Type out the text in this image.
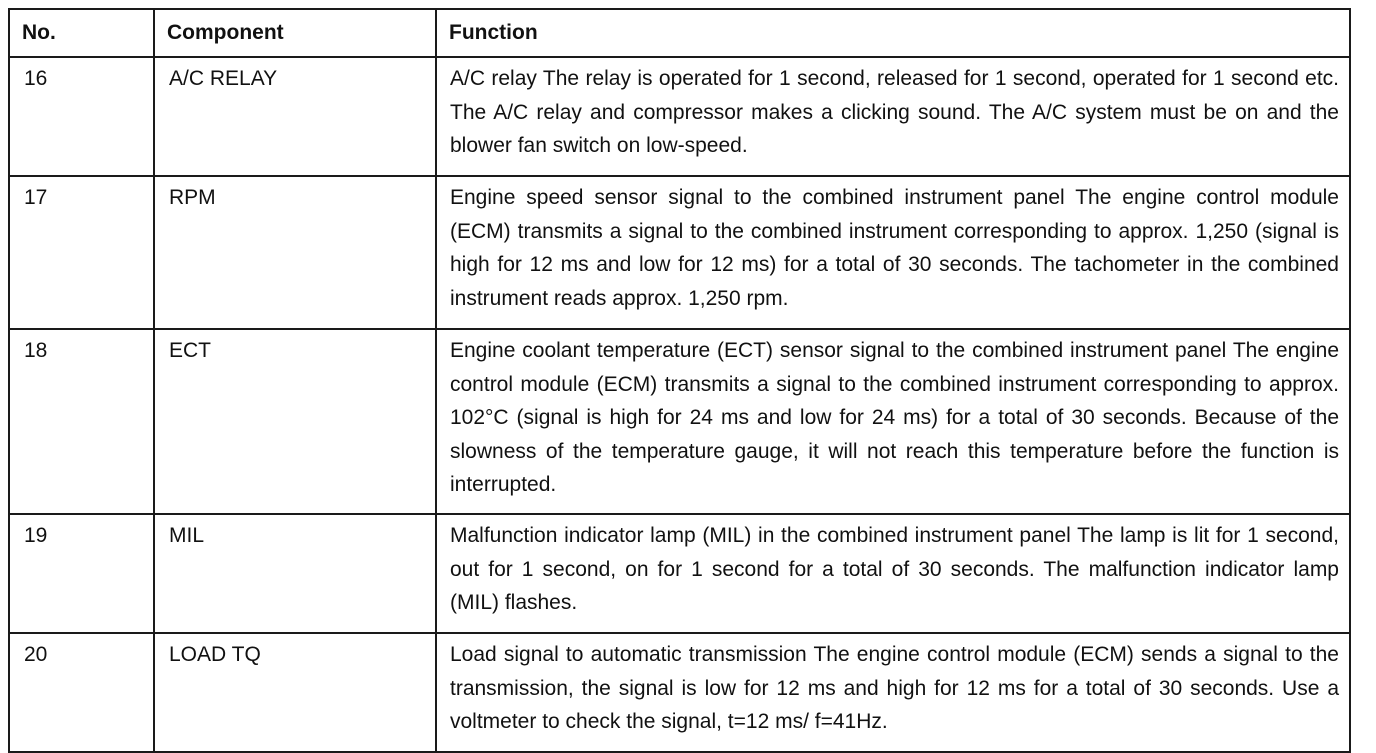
No.	Component	Function
16	A/C RELAY	A/C relay The relay is operated for 1 second, released for 1 second, operated for 1 second etc. The A/C relay and compressor makes a clicking sound. The A/C system must be on and the blower fan switch on low-speed.
17	RPM	Engine speed sensor signal to the combined instrument panel The engine control module (ECM) transmits a signal to the combined instrument corresponding to approx. 1,250 (signal is high for 12 ms and low for 12 ms) for a total of 30 seconds. The tachometer in the combined instrument reads approx. 1,250 rpm.
18	ECT	Engine coolant temperature (ECT) sensor signal to the combined instrument panel The engine control module (ECM) transmits a signal to the combined instrument corresponding to approx. 102°C (signal is high for 24 ms and low for 24 ms) for a total of 30 seconds. Because of the slowness of the temperature gauge, it will not reach this temperature before the function is interrupted.
19	MIL	Malfunction indicator lamp (MIL) in the combined instrument panel The lamp is lit for 1 second, out for 1 second, on for 1 second for a total of 30 seconds. The malfunction indicator lamp (MIL) flashes.
20	LOAD TQ	Load signal to automatic transmission The engine control module (ECM) sends a signal to the transmission, the signal is low for 12 ms and high for 12 ms for a total of 30 seconds. Use a voltmeter to check the signal, t=12 ms/ f=41Hz.
